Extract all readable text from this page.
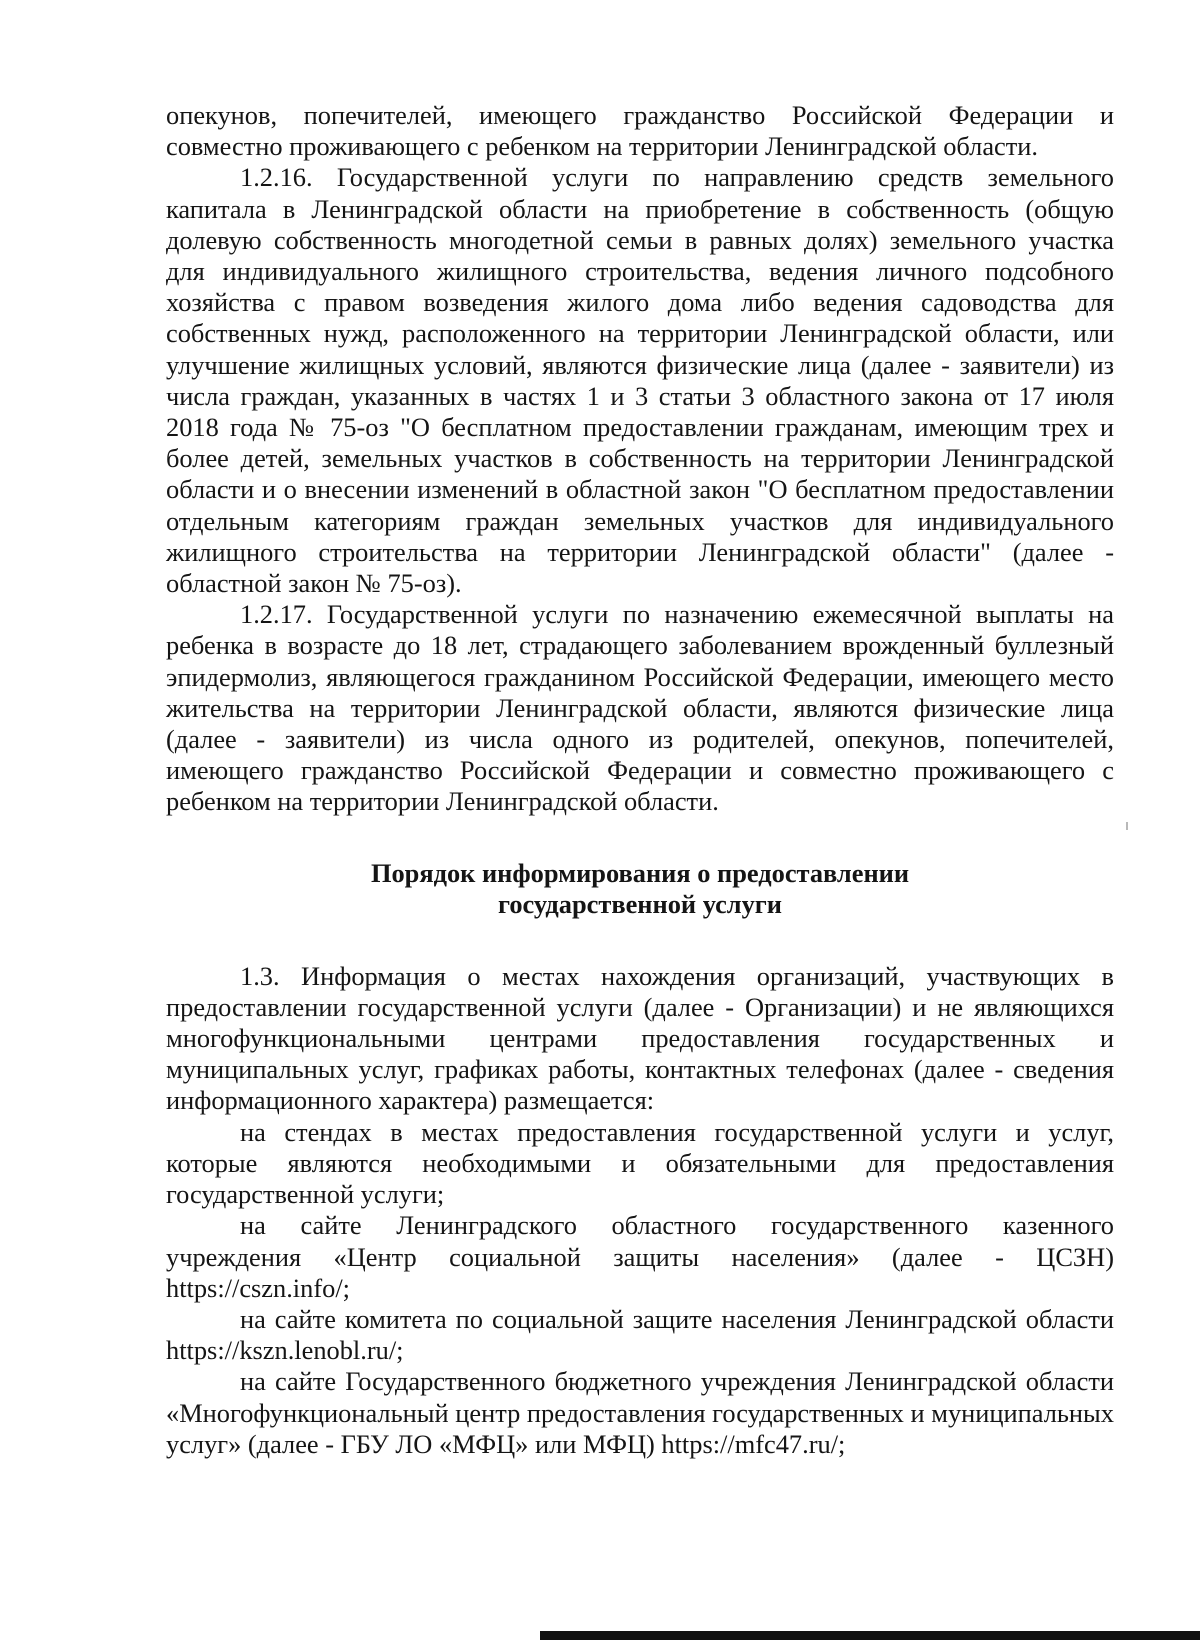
опекунов, попечителей, имеющего гражданство Российской Федерации и совместно проживающего с ребенком на территории Ленинградской области.

1.2.16. Государственной услуги по направлению средств земельного капитала в Ленинградской области на приобретение в собственность (общую долевую собственность многодетной семьи в равных долях) земельного участка для индивидуального жилищного строительства, ведения личного подсобного хозяйства с правом возведения жилого дома либо ведения садоводства для собственных нужд, расположенного на территории Ленинградской области, или улучшение жилищных условий, являются физические лица (далее - заявители) из числа граждан, указанных в частях 1 и 3 статьи 3 областного закона от 17 июля 2018 года № 75-оз "О бесплатном предоставлении гражданам, имеющим трех и более детей, земельных участков в собственность на территории Ленинградской области и о внесении изменений в областной закон "О бесплатном предоставлении отдельным категориям граждан земельных участков для индивидуального жилищного строительства на территории Ленинградской области" (далее - областной закон № 75-оз).

1.2.17. Государственной услуги по назначению ежемесячной выплаты на ребенка в возрасте до 18 лет, страдающего заболеванием врожденный буллезный эпидермолиз, являющегося гражданином Российской Федерации, имеющего место жительства на территории Ленинградской области, являются физические лица (далее - заявители) из числа одного из родителей, опекунов, попечителей, имеющего гражданство Российской Федерации и совместно проживающего с ребенком на территории Ленинградской области.

Порядок информирования о предоставлении
государственной услуги

1.3. Информация о местах нахождения организаций, участвующих в предоставлении государственной услуги (далее - Организации) и не являющихся многофункциональными центрами предоставления государственных и муниципальных услуг, графиках работы, контактных телефонах (далее - сведения информационного характера) размещается:

на стендах в местах предоставления государственной услуги и услуг, которые являются необходимыми и обязательными для предоставления государственной услуги;

на сайте Ленинградского областного государственного казенного учреждения «Центр социальной защиты населения» (далее - ЦСЗН) https://cszn.info/;

на сайте комитета по социальной защите населения Ленинградской области https://kszn.lenobl.ru/;

на сайте Государственного бюджетного учреждения Ленинградской области «Многофункциональный центр предоставления государственных и муниципальных услуг» (далее - ГБУ ЛО «МФЦ» или МФЦ) https://mfc47.ru/;
